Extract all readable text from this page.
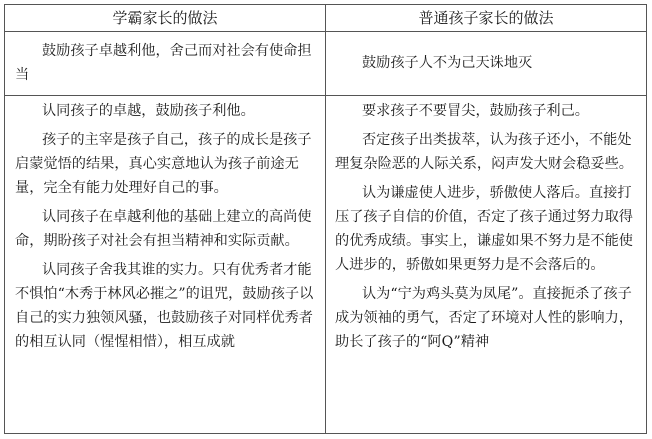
学霸家长的做法	普通孩子家长的做法

鼓励孩子卓越利他，舍己而对社会有使命担当

鼓励孩子人不为己天诛地灭

认同孩子的卓越，鼓励孩子利他。

孩子的主宰是孩子自己，孩子的成长是孩子启蒙觉悟的结果，真心实意地认为孩子前途无量，完全有能力处理好自己的事。

认同孩子在卓越利他的基础上建立的高尚使命，期盼孩子对社会有担当精神和实际贡献。

认同孩子舍我其谁的实力。只有优秀者才能不惧怕“木秀于林风必摧之”的诅咒，鼓励孩子以自己的实力独领风骚，也鼓励孩子对同样优秀者的相互认同（惺惺相惜），相互成就

要求孩子不要冒尖，鼓励孩子利己。

否定孩子出类拔萃，认为孩子还小，不能处理复杂险恶的人际关系，闷声发大财会稳妥些。

认为谦虚使人进步，骄傲使人落后。直接打压了孩子自信的价值，否定了孩子通过努力取得的优秀成绩。事实上，谦虚如果不努力是不能使人进步的，骄傲如果更努力是不会落后的。

认为“宁为鸡头莫为凤尾”。直接扼杀了孩子成为领袖的勇气，否定了环境对人性的影响力，助长了孩子的“阿Q”精神
